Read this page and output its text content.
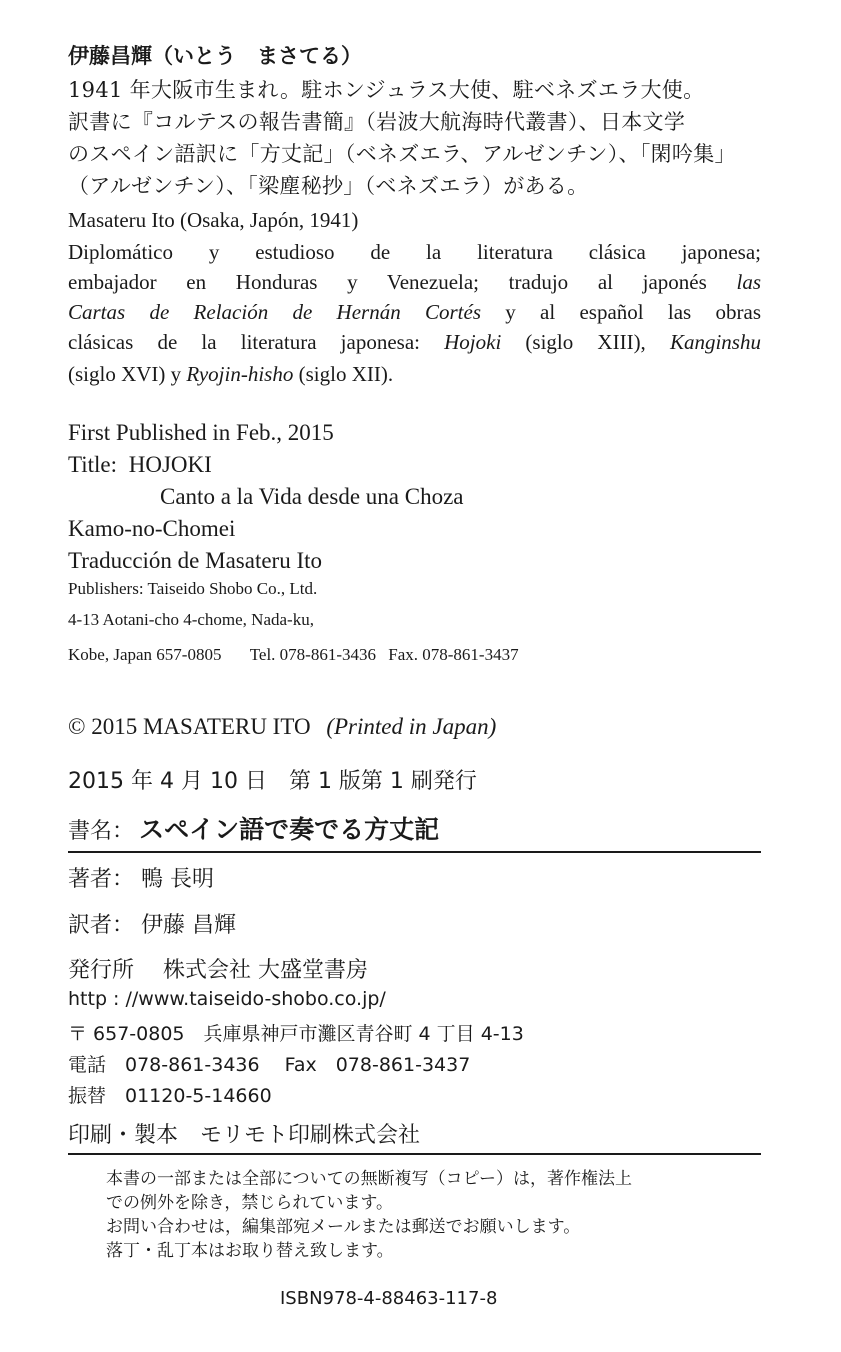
伊藤昌輝（いとう　まさてる）
1941 年大阪市生まれ。駐ホンジュラス大使、駐ベネズエラ大使。
訳書に『コルテスの報告書簡』（岩波大航海時代叢書）、日本文学
のスペイン語訳に「方丈記」（ベネズエラ、アルゼンチン）、「閑吟集」
（アルゼンチン）、「梁塵秘抄」（ベネズエラ）がある。
Masateru Ito (Osaka, Japón, 1941)
Diplomático y estudioso de la literatura clásica japonesa;
embajador en Honduras y Venezuela; tradujo al japonés las
Cartas de Relación de Hernán Cortés y al español las obras
clásicas de la literatura japonesa: Hojoki (siglo XIII), Kanginshu
(siglo XVI) y Ryojin-hisho (siglo XII).
First Published in Feb., 2015
Title: HOJOKI
Canto a la Vida desde una Choza
Kamo-no-Chomei
Traducción de Masateru Ito
Publishers: Taiseido Shobo Co., Ltd.
4-13 Aotani-cho 4-chome, Nada-ku,
Kobe, Japan 657-0805 Tel. 078-861-3436 Fax. 078-861-3437
© 2015 MASATERU ITO (Printed in Japan)
2015 年 4 月 10 日　第 1 版第 1 刷発行
書名： スペイン語で奏でる方丈記
著者： 鴨 長明
訳者： 伊藤 昌輝
発行所　 株式会社 大盛堂書房
http : //www.taiseido-shobo.co.jp/
〒 657-0805　兵庫県神戸市灘区青谷町 4 丁目 4-13
電話　078-861-3436　 Fax　078-861-3437
振替　01120-5-14660
印刷・製本　モリモト印刷株式会社
本書の一部または全部についての無断複写（コピー）は，著作権法上
での例外を除き，禁じられています。
お問い合わせは，編集部宛メールまたは郵送でお願いします。
落丁・乱丁本はお取り替え致します。
ISBN978-4-88463-117-8
